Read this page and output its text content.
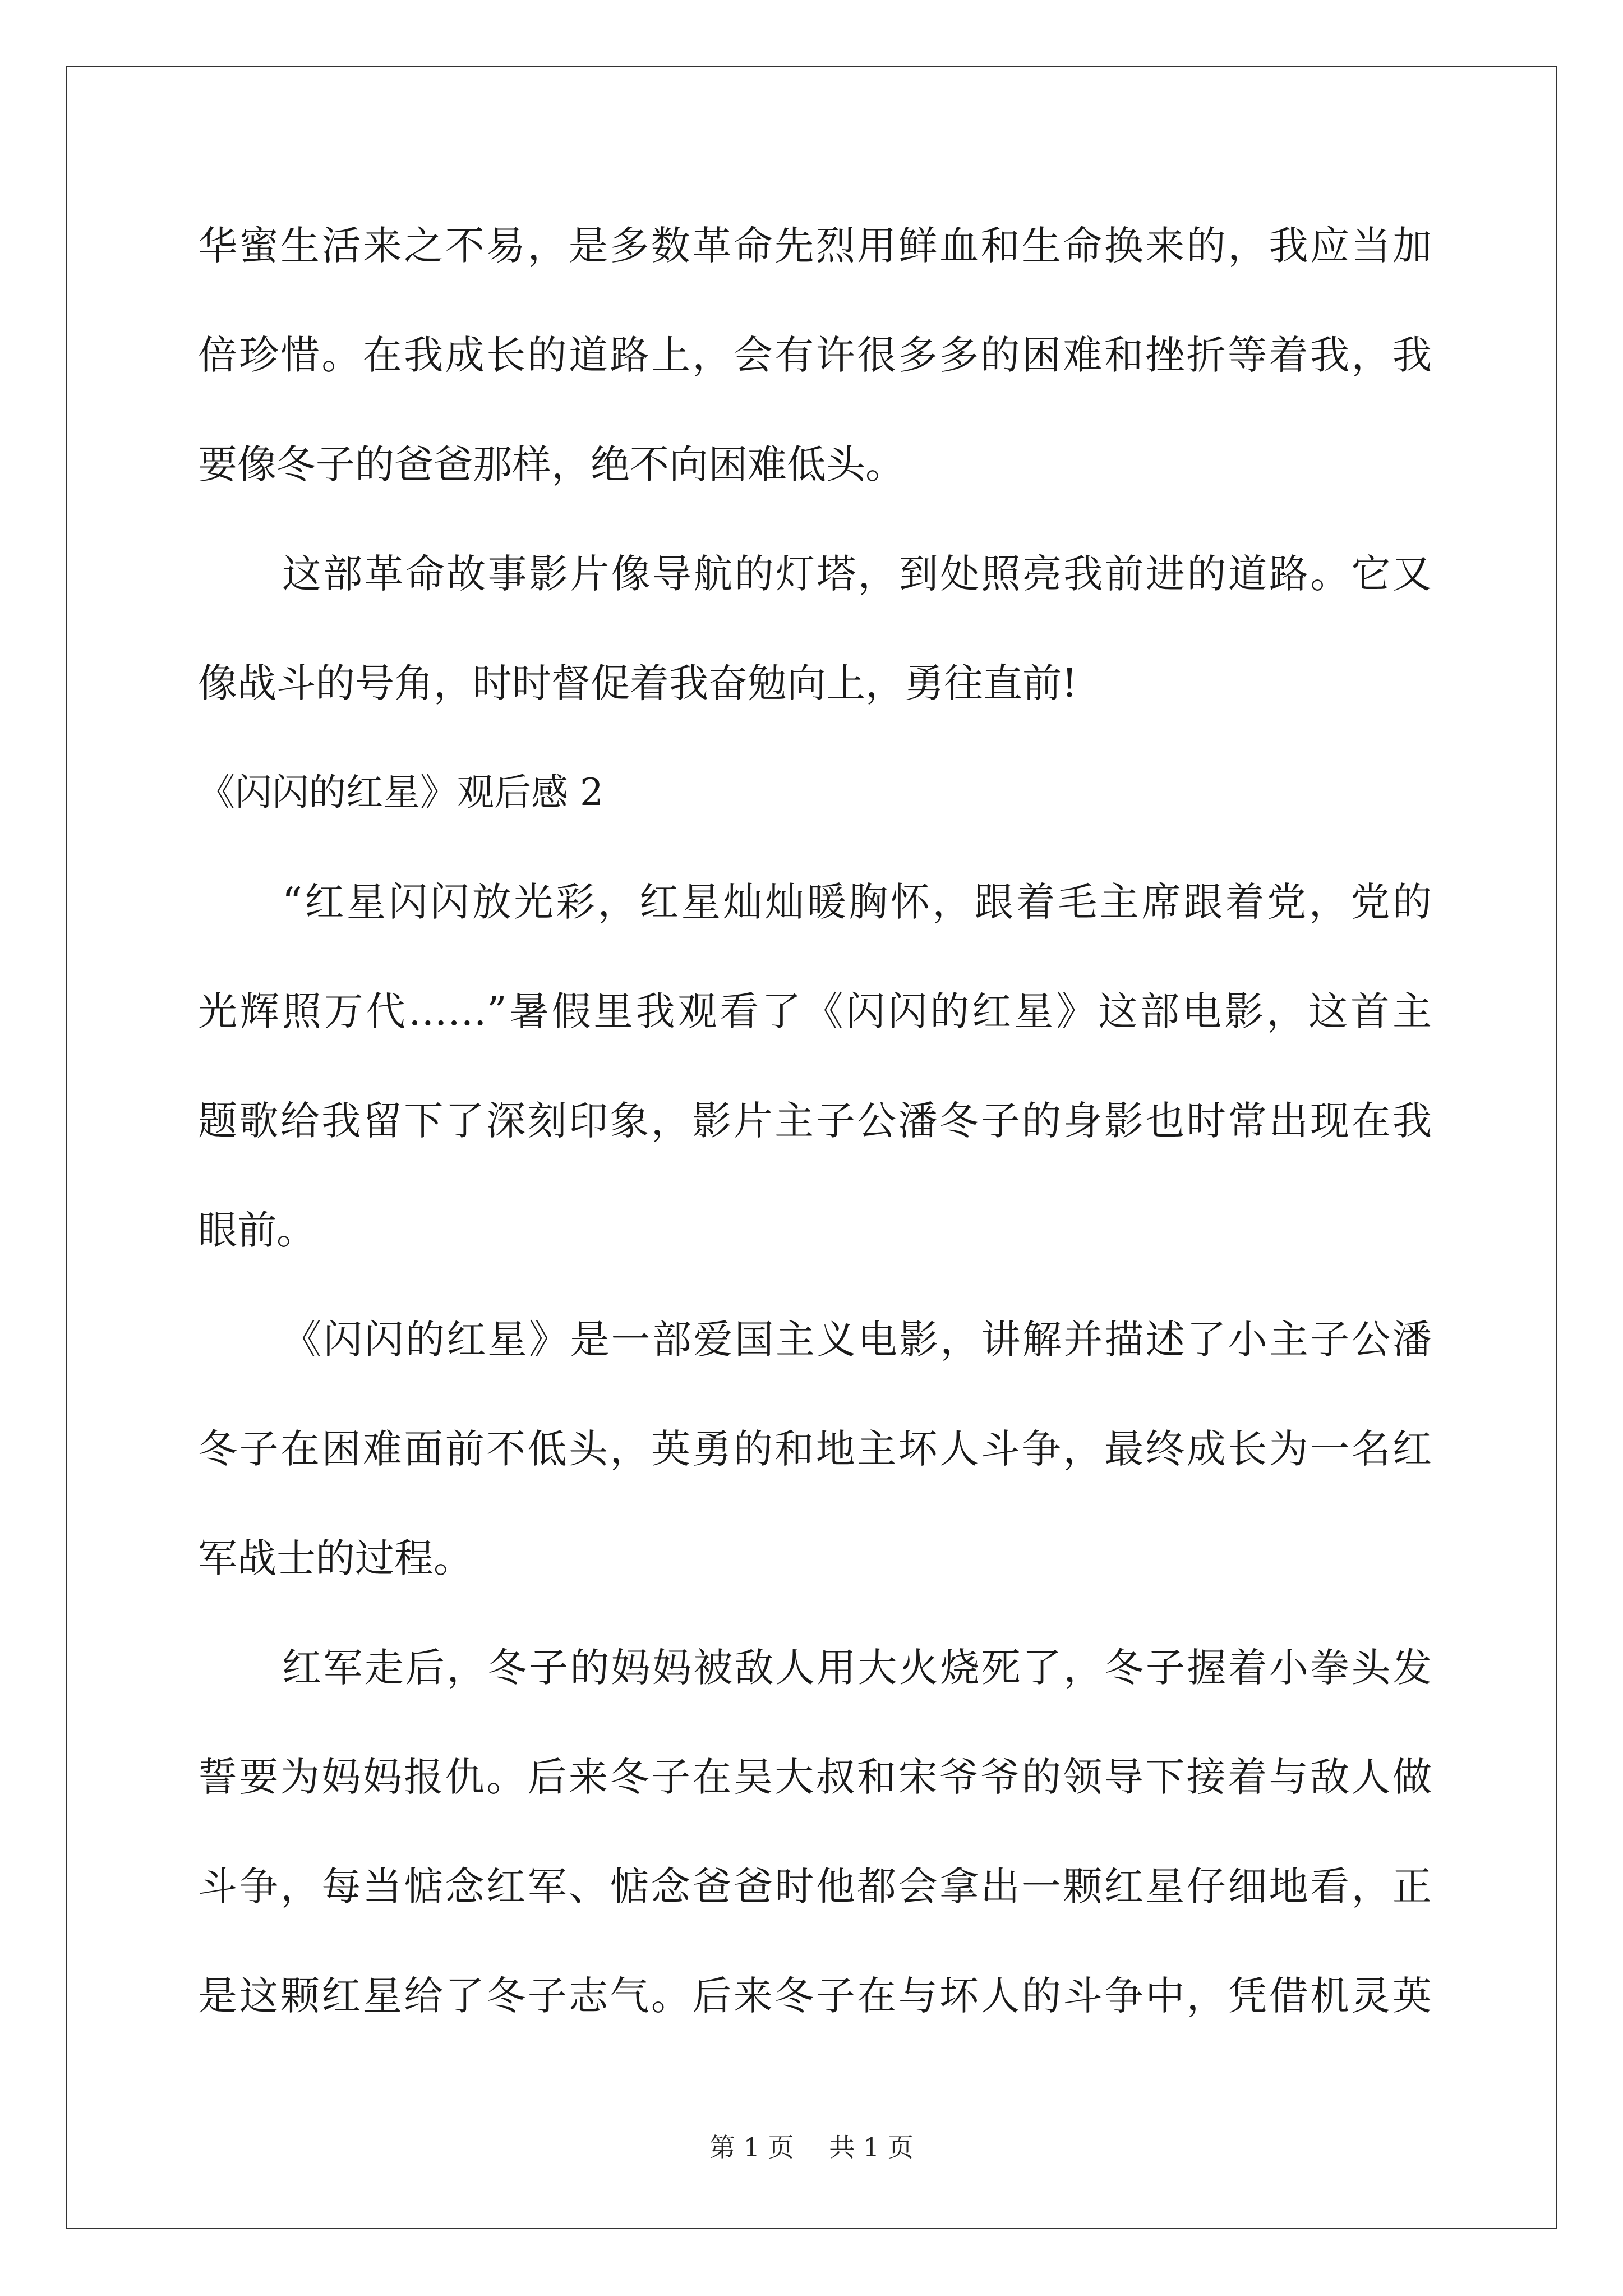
华蜜生活来之不易，是多数革命先烈用鲜血和生命换来的，我应当加
倍珍惜。在我成长的道路上，会有许很多多的困难和挫折等着我，我
要像冬子的爸爸那样，绝不向困难低头。
这部革命故事影片像导航的灯塔，到处照亮我前进的道路。它又
像战斗的号角，时时督促着我奋勉向上，勇往直前!
《闪闪的红星》观后感 2
“红星闪闪放光彩，红星灿灿暖胸怀，跟着毛主席跟着党，党的
光辉照万代……”暑假里我观看了《闪闪的红星》这部电影，这首主
题歌给我留下了深刻印象，影片主子公潘冬子的身影也时常出现在我
眼前。
《闪闪的红星》是一部爱国主义电影，讲解并描述了小主子公潘
冬子在困难面前不低头，英勇的和地主坏人斗争，最终成长为一名红
军战士的过程。
红军走后，冬子的妈妈被敌人用大火烧死了，冬子握着小拳头发
誓要为妈妈报仇。后来冬子在吴大叔和宋爷爷的领导下接着与敌人做
斗争，每当惦念红军、惦念爸爸时他都会拿出一颗红星仔细地看，正
是这颗红星给了冬子志气。后来冬子在与坏人的斗争中，凭借机灵英
第 1 页 共 1 页
